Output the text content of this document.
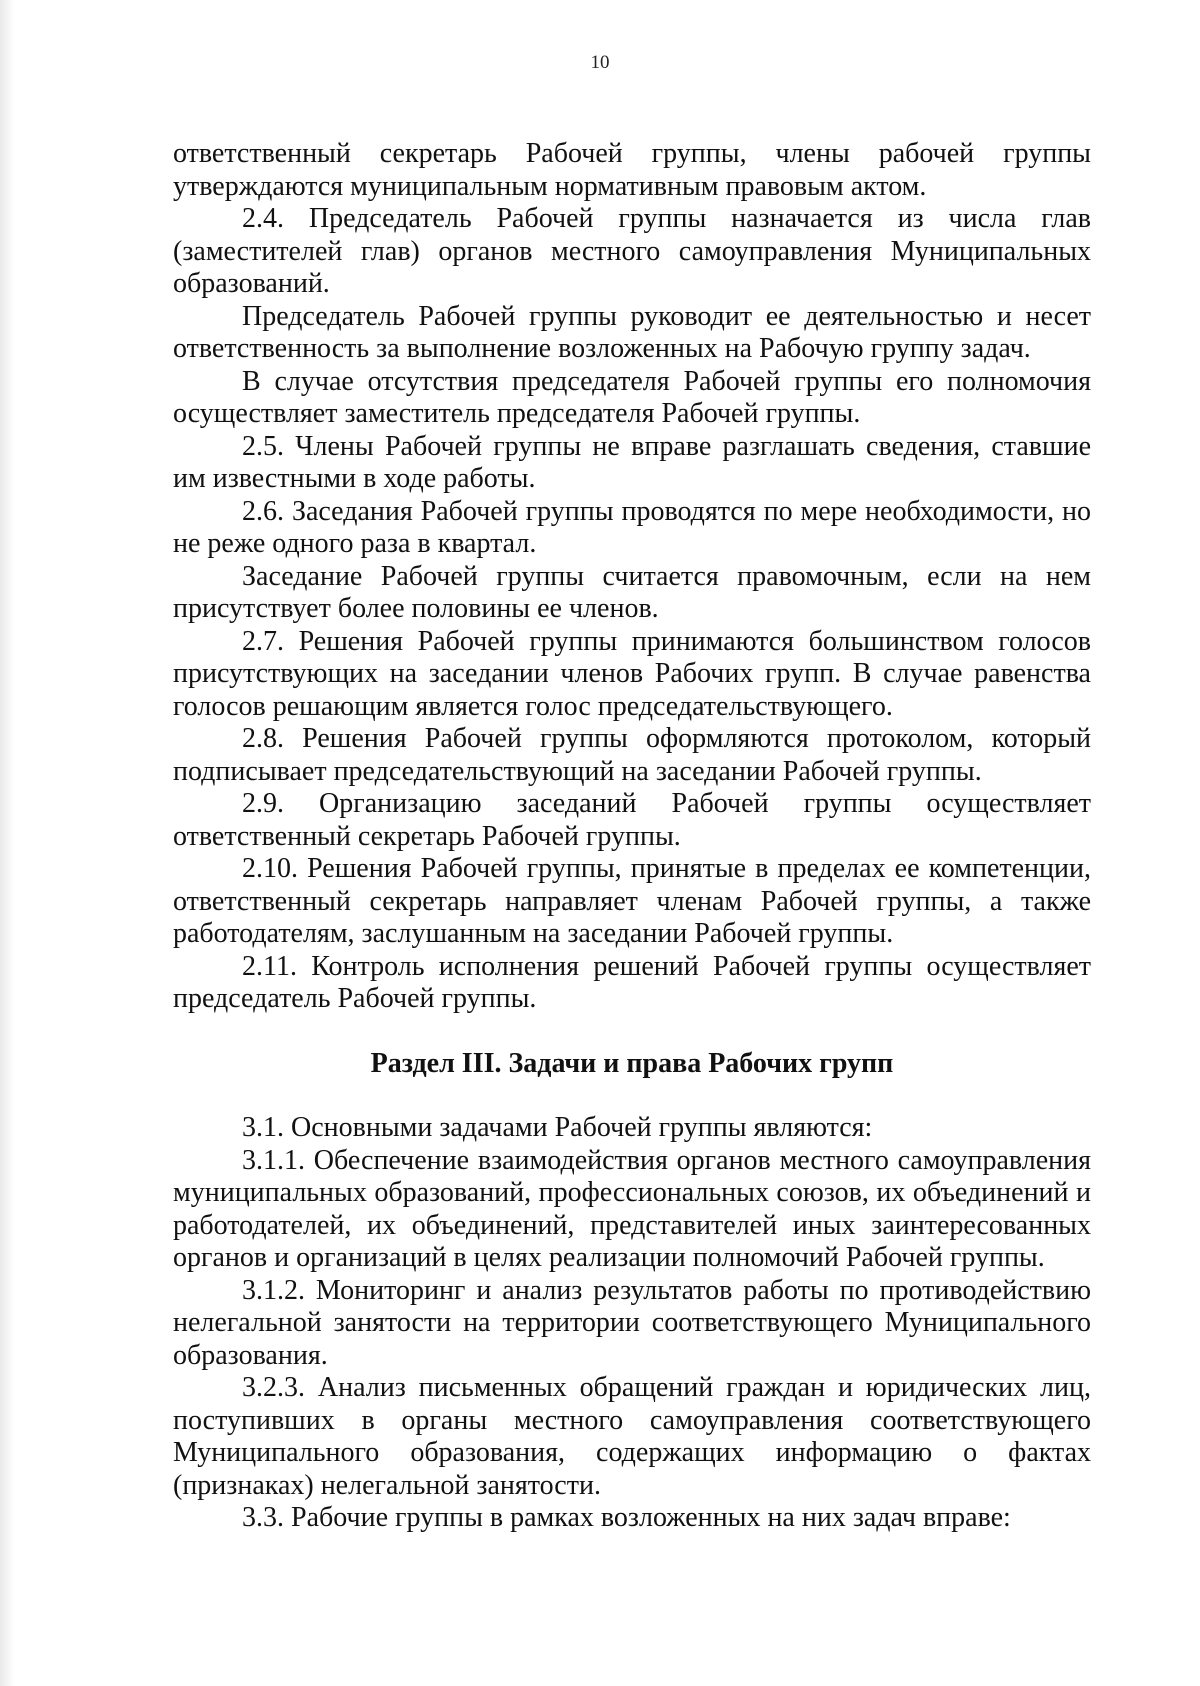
10

ответственный секретарь Рабочей группы, члены рабочей группы утверждаются муниципальным нормативным правовым актом.

2.4. Председатель Рабочей группы назначается из числа глав (заместителей глав) органов местного самоуправления Муниципальных образований.

Председатель Рабочей группы руководит ее деятельностью и несет ответственность за выполнение возложенных на Рабочую группу задач.

В случае отсутствия председателя Рабочей группы его полномочия осуществляет заместитель председателя Рабочей группы.

2.5. Члены Рабочей группы не вправе разглашать сведения, ставшие им известными в ходе работы.

2.6. Заседания Рабочей группы проводятся по мере необходимости, но не реже одного раза в квартал.

Заседание Рабочей группы считается правомочным, если на нем присутствует более половины ее членов.

2.7. Решения Рабочей группы принимаются большинством голосов присутствующих на заседании членов Рабочих групп. В случае равенства голосов решающим является голос председательствующего.

2.8. Решения Рабочей группы оформляются протоколом, который подписывает председательствующий на заседании Рабочей группы.

2.9. Организацию заседаний Рабочей группы осуществляет ответственный секретарь Рабочей группы.

2.10. Решения Рабочей группы, принятые в пределах ее компетенции, ответственный секретарь направляет членам Рабочей группы, а также работодателям, заслушанным на заседании Рабочей группы.

2.11. Контроль исполнения решений Рабочей группы осуществляет председатель Рабочей группы.

Раздел III. Задачи и права Рабочих групп

3.1. Основными задачами Рабочей группы являются:

3.1.1. Обеспечение взаимодействия органов местного самоуправления муниципальных образований, профессиональных союзов, их объединений и работодателей, их объединений, представителей иных заинтересованных органов и организаций в целях реализации полномочий Рабочей группы.

3.1.2. Мониторинг и анализ результатов работы по противодействию нелегальной занятости на территории соответствующего Муниципального образования.

3.2.3. Анализ письменных обращений граждан и юридических лиц, поступивших в органы местного самоуправления соответствующего Муниципального образования, содержащих информацию о фактах (признаках) нелегальной занятости.

3.3. Рабочие группы в рамках возложенных на них задач вправе:
